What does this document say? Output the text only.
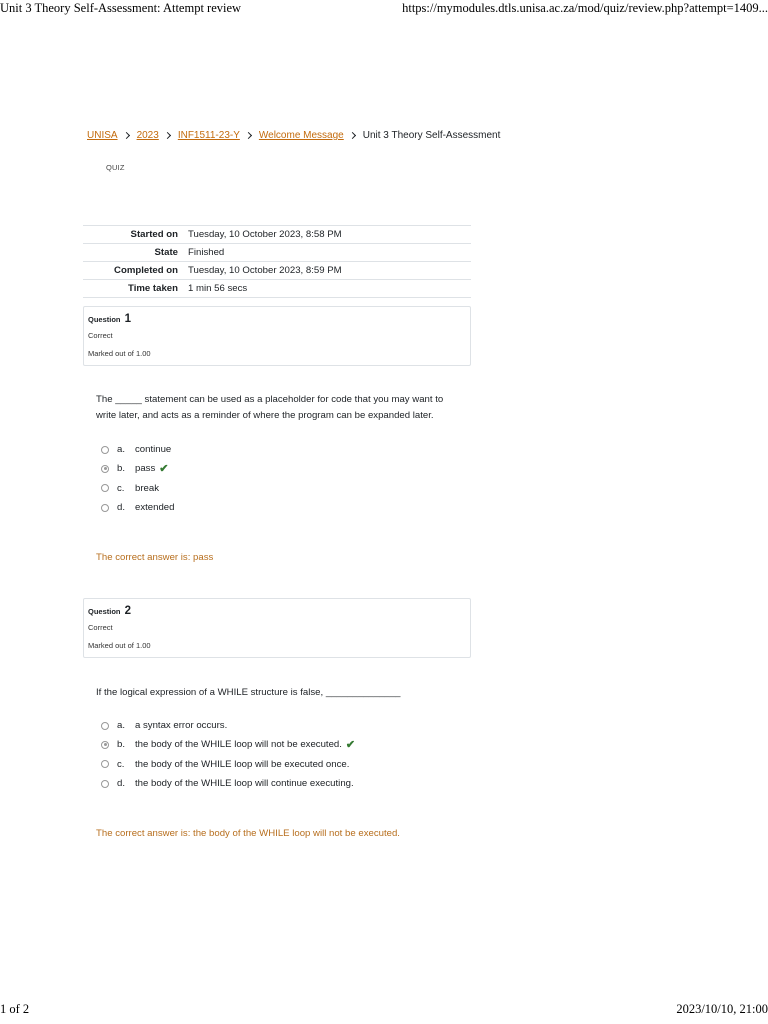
Unit 3 Theory Self-Assessment: Attempt review	https://mymodules.dtls.unisa.ac.za/mod/quiz/review.php?attempt=1409...
UNISA 2023 INF1511-23-Y Welcome Message Unit 3 Theory Self-Assessment
QUIZ
Started on	Tuesday, 10 October 2023, 8:58 PM
State	Finished
Completed on	Tuesday, 10 October 2023, 8:59 PM
Time taken	1 min 56 secs
Question 1
Correct
Marked out of 1.00
The _____ statement can be used as a placeholder for code that you may want to write later, and acts as a reminder of where the program can be expanded later.
a.	continue
b.	pass ✔
c.	break
d.	extended
The correct answer is: pass
Question 2
Correct
Marked out of 1.00
If the logical expression of a WHILE structure is false, ______________
a.	a syntax error occurs.
b.	the body of the WHILE loop will not be executed. ✔
c.	the body of the WHILE loop will be executed once.
d.	the body of the WHILE loop will continue executing.
The correct answer is: the body of the WHILE loop will not be executed.
1 of 2	2023/10/10, 21:00
